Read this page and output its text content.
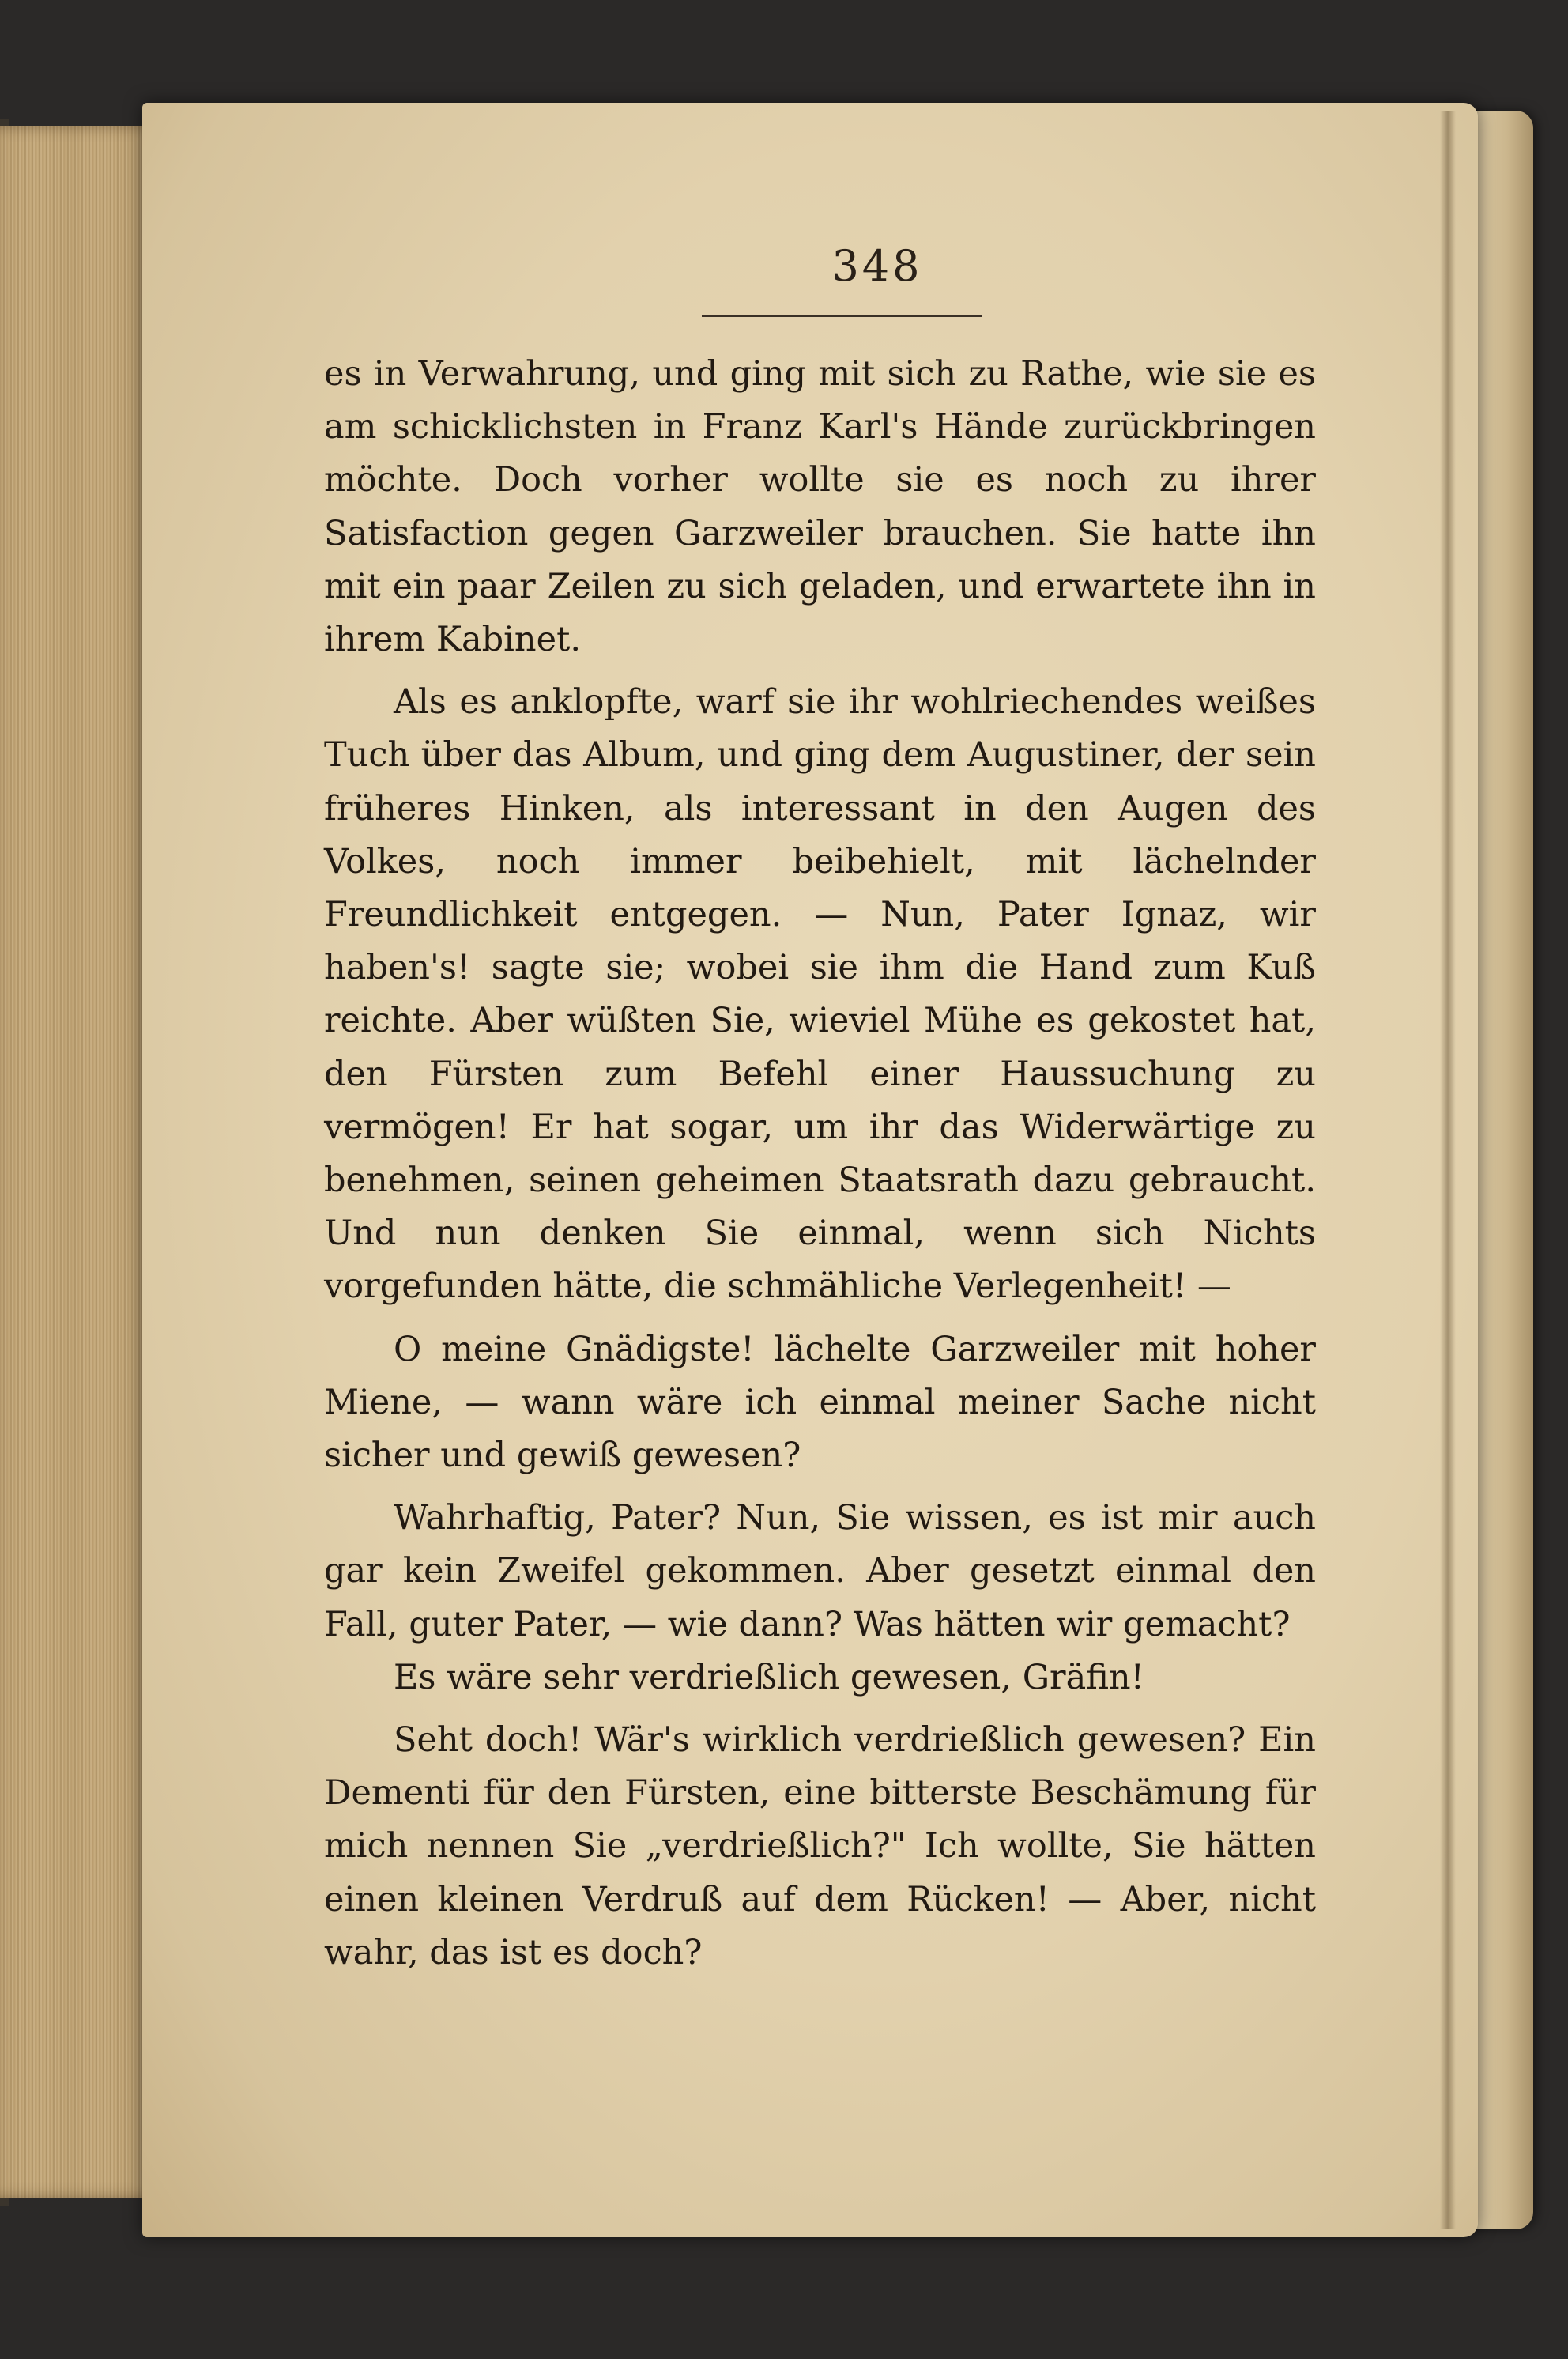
348

es in Verwahrung, und ging mit sich zu Rathe, wie sie es am schicklichsten in Franz Karl's Hände zurückbringen möchte. Doch vorher wollte sie es noch zu ihrer Satisfaction gegen Garzweiler brauchen. Sie hatte ihn mit ein paar Zeilen zu sich geladen, und erwartete ihn in ihrem Kabinet.

Als es anklopfte, warf sie ihr wohlriechendes weißes Tuch über das Album, und ging dem Augustiner, der sein früheres Hinken, als interessant in den Augen des Volkes, noch immer beibehielt, mit lächelnder Freundlichkeit entgegen. — Nun, Pater Ignaz, wir haben's! sagte sie; wobei sie ihm die Hand zum Kuß reichte. Aber wüßten Sie, wieviel Mühe es gekostet hat, den Fürsten zum Befehl einer Haussuchung zu vermögen! Er hat sogar, um ihr das Widerwärtige zu benehmen, seinen geheimen Staatsrath dazu gebraucht. Und nun denken Sie einmal, wenn sich Nichts vorgefunden hätte, die schmähliche Verlegenheit! —

O meine Gnädigste! lächelte Garzweiler mit hoher Miene, — wann wäre ich einmal meiner Sache nicht sicher und gewiß gewesen?

Wahrhaftig, Pater? Nun, Sie wissen, es ist mir auch gar kein Zweifel gekommen. Aber gesetzt einmal den Fall, guter Pater, — wie dann? Was hätten wir gemacht?

Es wäre sehr verdrießlich gewesen, Gräfin!

Seht doch! Wär's wirklich verdrießlich gewesen? Ein Dementi für den Fürsten, eine bitterste Beschämung für mich nennen Sie „verdrießlich?" Ich wollte, Sie hätten einen kleinen Verdruß auf dem Rücken! — Aber, nicht wahr, das ist es doch?
